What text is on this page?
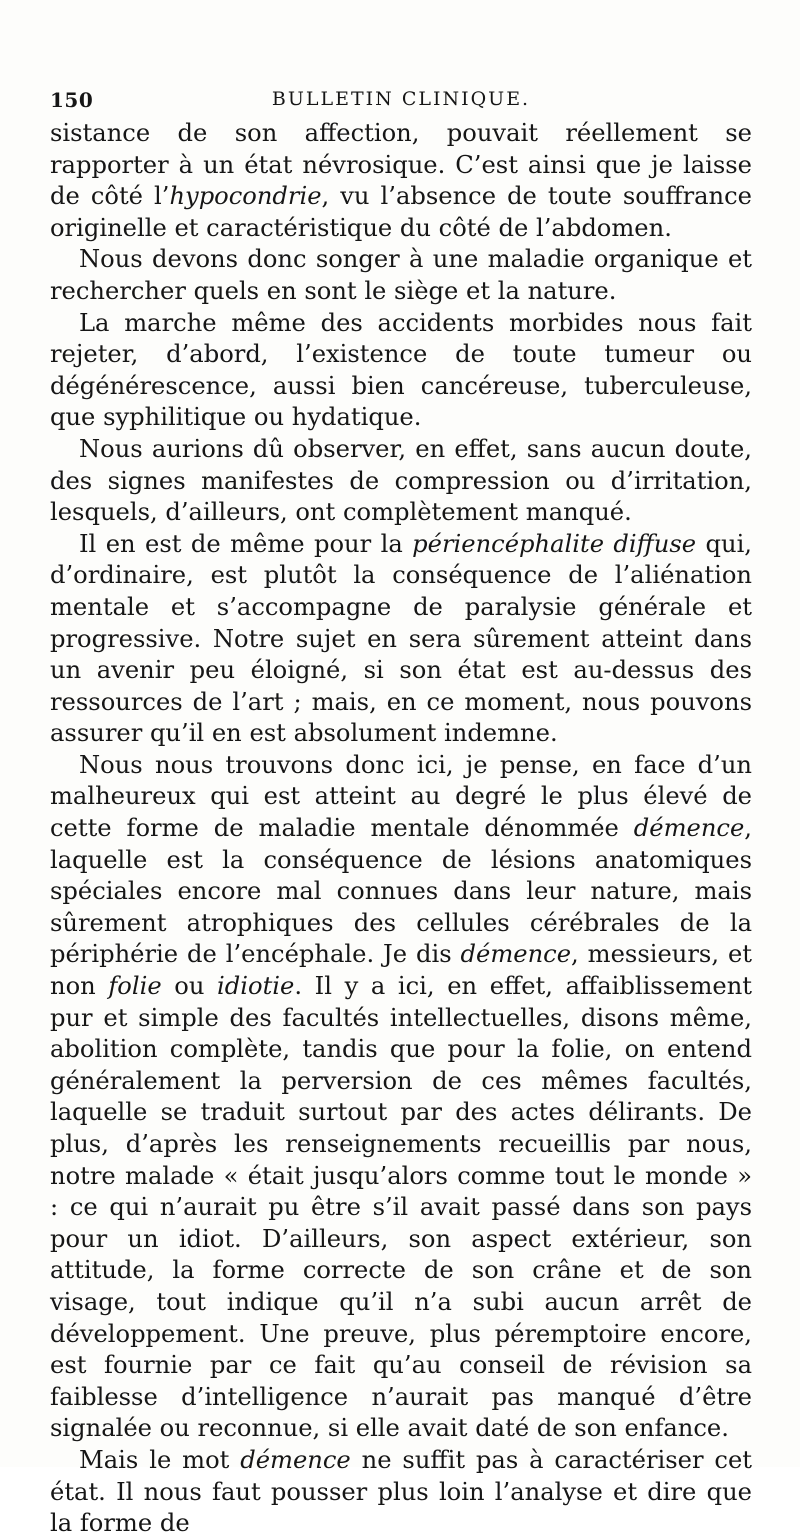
150	BULLETIN CLINIQUE.

sistance de son affection, pouvait réellement se rapporter à un état névrosique. C’est ainsi que je laisse de côté l’hypocondrie, vu l’absence de toute souffrance originelle et caractéristique du côté de l’abdomen.

Nous devons donc songer à une maladie organique et rechercher quels en sont le siège et la nature.

La marche même des accidents morbides nous fait rejeter, d’abord, l’existence de toute tumeur ou dégénérescence, aussi bien cancéreuse, tuberculeuse, que syphilitique ou hydatique.

Nous aurions dû observer, en effet, sans aucun doute, des signes manifestes de compression ou d’irritation, lesquels, d’ailleurs, ont complètement manqué.

Il en est de même pour la périencéphalite diffuse qui, d’ordinaire, est plutôt la conséquence de l’aliénation mentale et s’accompagne de paralysie générale et progressive. Notre sujet en sera sûrement atteint dans un avenir peu éloigné, si son état est au-dessus des ressources de l’art ; mais, en ce moment, nous pouvons assurer qu’il en est absolument indemne.

Nous nous trouvons donc ici, je pense, en face d’un malheureux qui est atteint au degré le plus élevé de cette forme de maladie mentale dénommée démence, laquelle est la conséquence de lésions anatomiques spéciales encore mal connues dans leur nature, mais sûrement atrophiques des cellules cérébrales de la périphérie de l’encéphale. Je dis démence, messieurs, et non folie ou idiotie. Il y a ici, en effet, affaiblissement pur et simple des facultés intellectuelles, disons même, abolition complète, tandis que pour la folie, on entend généralement la perversion de ces mêmes facultés, laquelle se traduit surtout par des actes délirants. De plus, d’après les renseignements recueillis par nous, notre malade « était jusqu’alors comme tout le monde » : ce qui n’aurait pu être s’il avait passé dans son pays pour un idiot. D’ailleurs, son aspect extérieur, son attitude, la forme correcte de son crâne et de son visage, tout indique qu’il n’a subi aucun arrêt de développement. Une preuve, plus péremptoire encore, est fournie par ce fait qu’au conseil de révision sa faiblesse d’intelligence n’aurait pas manqué d’être signalée ou reconnue, si elle avait daté de son enfance.

Mais le mot démence ne suffit pas à caractériser cet état. Il nous faut pousser plus loin l’analyse et dire que la forme de
